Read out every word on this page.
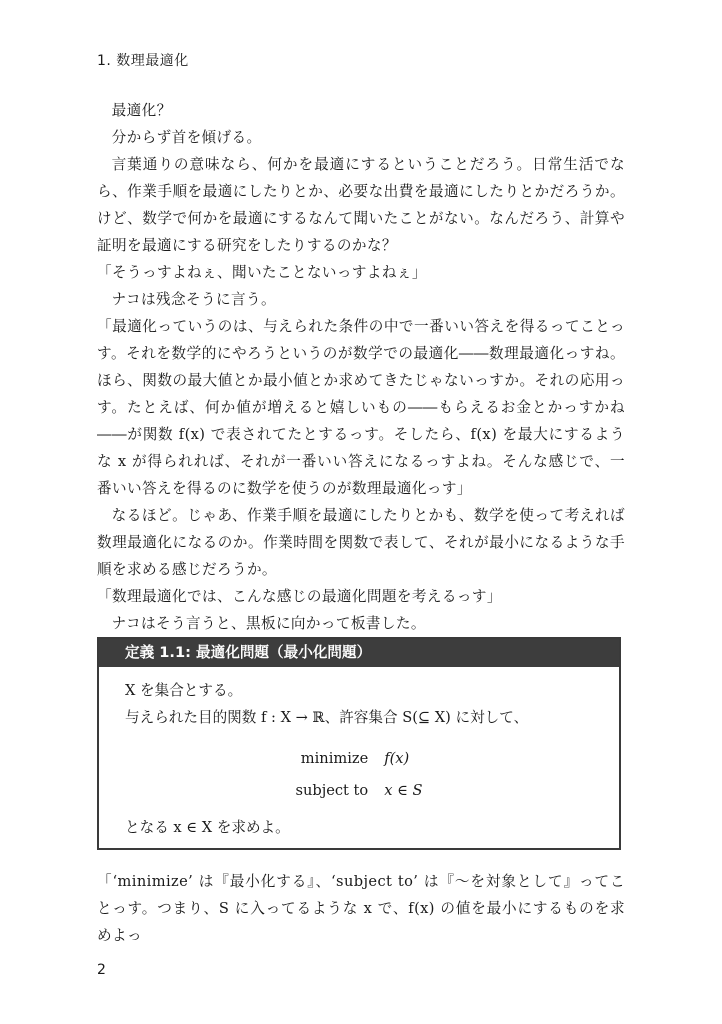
1. 数理最適化

最適化？

分からず首を傾げる。

言葉通りの意味なら、何かを最適にするということだろう。日常生活でなら、作業手順を最適にしたりとか、必要な出費を最適にしたりとかだろうか。けど、数学で何かを最適にするなんて聞いたことがない。なんだろう、計算や証明を最適にする研究をしたりするのかな？

「そうっすよねぇ、聞いたことないっすよねぇ」

ナコは残念そうに言う。

「最適化っていうのは、与えられた条件の中で一番いい答えを得るってことっす。それを数学的にやろうというのが数学での最適化――数理最適化っすね。ほら、関数の最大値とか最小値とか求めてきたじゃないっすか。それの応用っす。たとえば、何か値が増えると嬉しいもの――もらえるお金とかっすかね――が関数 f(x) で表されてたとするっす。そしたら、f(x) を最大にするような x が得られれば、それが一番いい答えになるっすよね。そんな感じで、一番いい答えを得るのに数学を使うのが数理最適化っす」

なるほど。じゃあ、作業手順を最適にしたりとかも、数学を使って考えれば数理最適化になるのか。作業時間を関数で表して、それが最小になるような手順を求める感じだろうか。

「数理最適化では、こんな感じの最適化問題を考えるっす」

ナコはそう言うと、黒板に向かって板書した。

定義 1.1: 最適化問題（最小化問題）

X を集合とする。

与えられた目的関数 f : X → ℝ、許容集合 S(⊆ X) に対して、

minimize f(x)
subject to x ∈ S

となる x ∈ X を求めよ。

「‘minimize’ は『最小化する』、‘subject to’ は『〜を対象として』ってことっす。つまり、S に入ってるような x で、f(x) の値を最小にするものを求めよっ

2
